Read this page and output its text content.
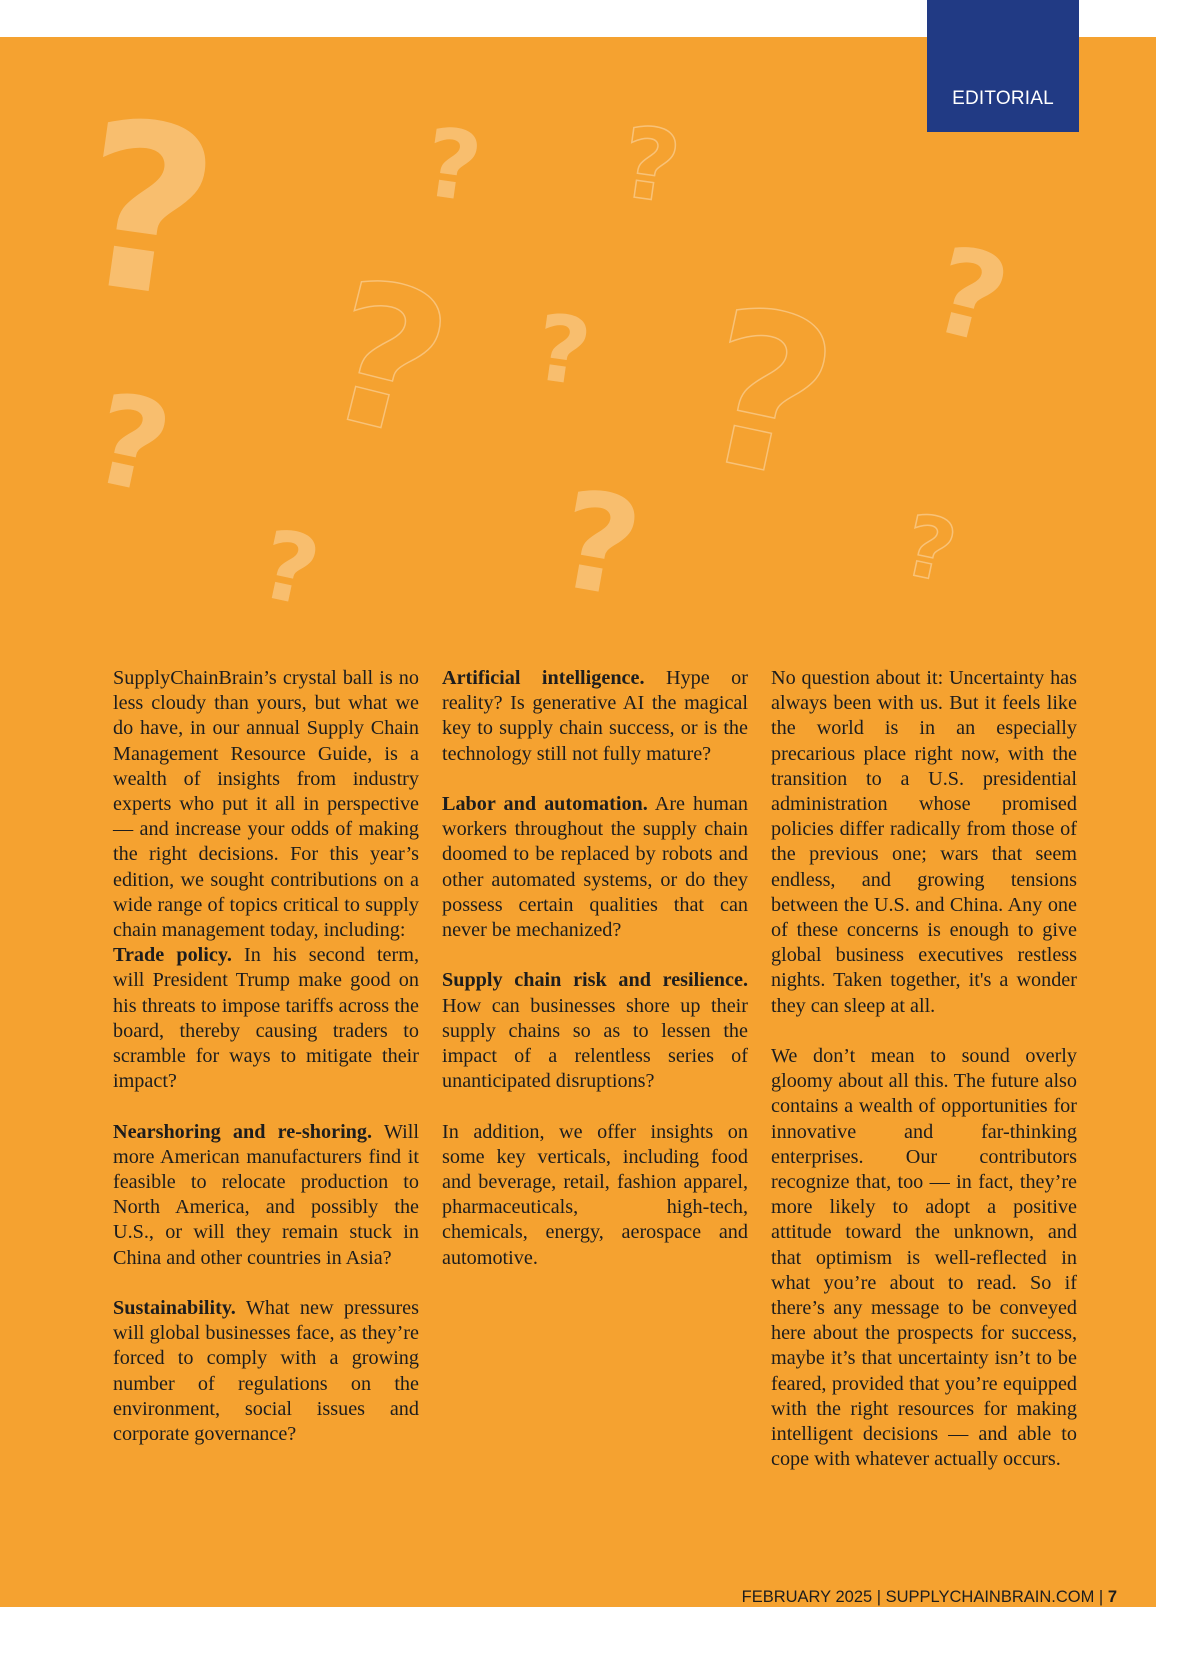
EDITORIAL
? ? ?
? ? ? ?
?
? ?	?

SupplyChainBrain’s crystal ball is no less cloudy than yours, but what we do have, in our annual Supply Chain Management Resource Guide, is a wealth of insights from industry experts who put it all in perspective — and increase your odds of making the right decisions. For this year’s edition, we sought contributions on a wide range of topics critical to supply chain management today, including:

Trade policy. In his second term, will President Trump make good on his threats to impose tariffs across the board, thereby causing traders to scramble for ways to mitigate their impact?

Nearshoring and re-shoring. Will more American manufacturers find it feasible to relocate production to North America, and possibly the U.S., or will they remain stuck in China and other countries in Asia?

Sustainability. What new pressures will global businesses face, as they’re forced to comply with a growing number of regulations on the environment, social issues and corporate governance?

Artificial intelligence. Hype or reality? Is generative AI the magical key to supply chain success, or is the technology still not fully mature?

Labor and automation. Are human workers throughout the supply chain doomed to be replaced by robots and other automated systems, or do they possess certain qualities that can never be mechanized?

Supply chain risk and resilience. How can businesses shore up their supply chains so as to lessen the impact of a relentless series of unanticipated disruptions?

In addition, we offer insights on some key verticals, including food and beverage, retail, fashion apparel, pharmaceuticals, high-tech, chemicals, energy, aerospace and automotive.

No question about it: Uncertainty has always been with us. But it feels like the world is in an especially precarious place right now, with the transition to a U.S. presidential administration whose promised policies differ radically from those of the previous one; wars that seem endless, and growing tensions between the U.S. and China. Any one of these concerns is enough to give global business executives restless nights. Taken together, it's a wonder they can sleep at all.

We don’t mean to sound overly gloomy about all this. The future also contains a wealth of opportunities for innovative and far-thinking enterprises. Our contributors recognize that, too — in fact, they’re more likely to adopt a positive attitude toward the unknown, and that optimism is well-reflected in what you’re about to read. So if there’s any message to be conveyed here about the prospects for success, maybe it’s that uncertainty isn’t to be feared, provided that you’re equipped with the right resources for making intelligent decisions — and able to cope with whatever actually occurs.

FEBRUARY 2025 | SUPPLYCHAINBRAIN.COM | 7
